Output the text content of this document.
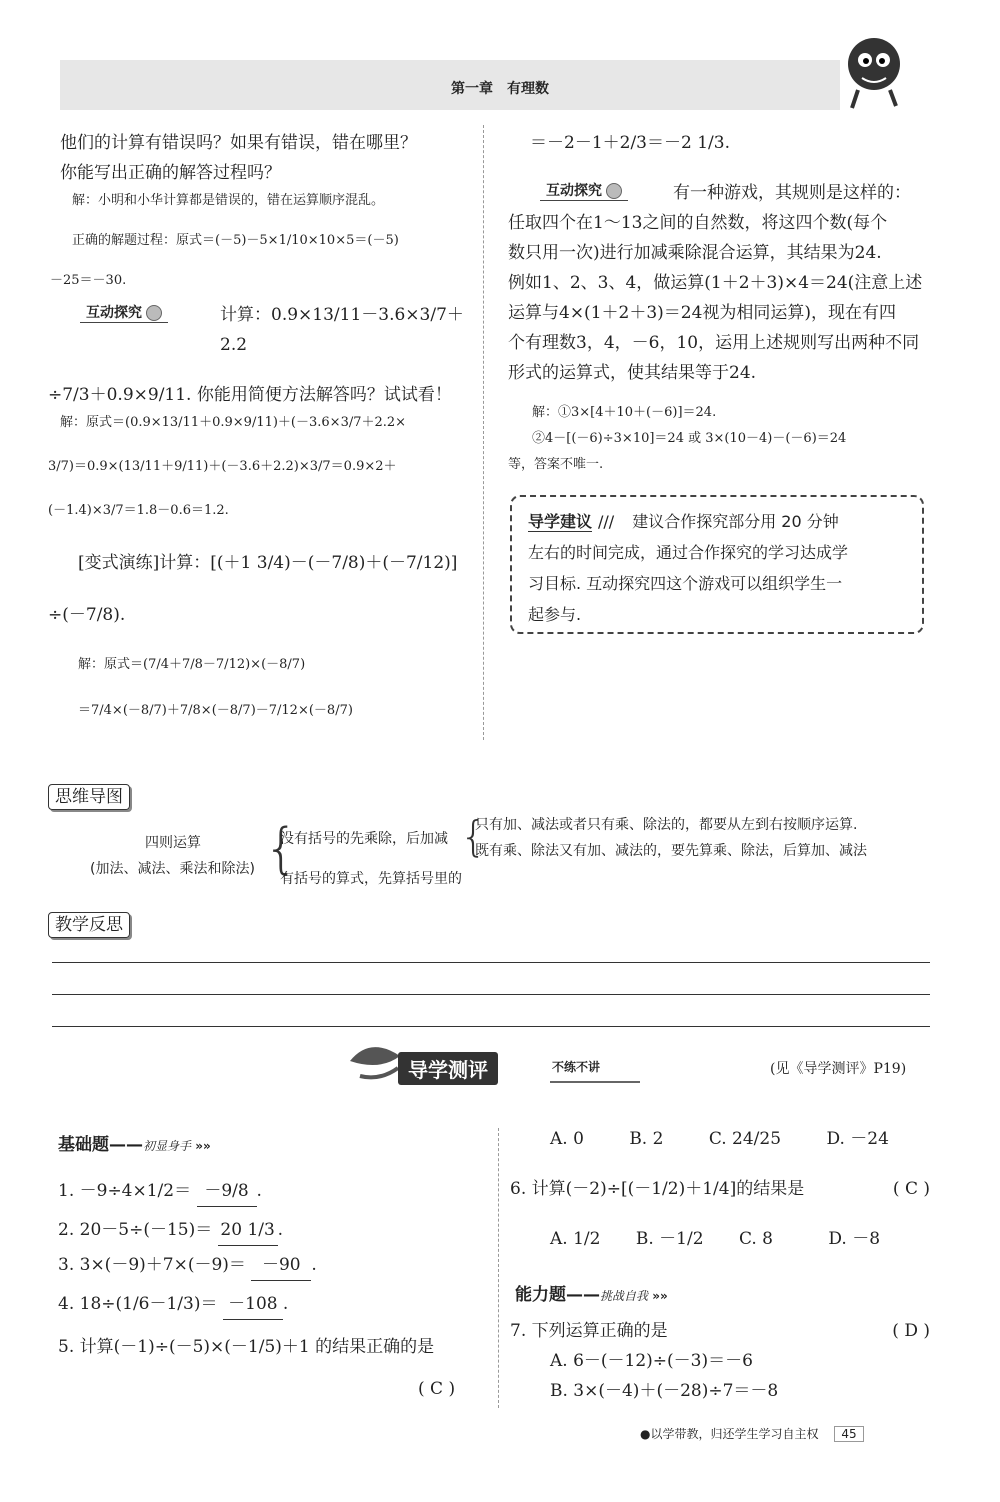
第一章　有理数
他们的计算有错误吗？如果有错误，错在哪里？
你能写出正确的解答过程吗？
解：小明和小华计算都是错误的，错在运算顺序混乱。
正确的解题过程：原式＝(－5)－5×1/10×10×5＝(－5)
－25＝－30.
互动探究	计算：0.9×13/11－3.6×3/7＋2.2
÷7/3＋0.9×9/11. 你能用简便方法解答吗？试试看！
解：原式＝(0.9×13/11＋0.9×9/11)＋(－3.6×3/7＋2.2×
3/7)＝0.9×(13/11＋9/11)＋(－3.6＋2.2)×3/7＝0.9×2＋
(－1.4)×3/7＝1.8－0.6＝1.2.
[变式演练]计算：[(＋1 3/4)－(－7/8)＋(－7/12)]
÷(－7/8).
解：原式＝(7/4＋7/8－7/12)×(－8/7)
＝7/4×(－8/7)＋7/8×(－8/7)－7/12×(－8/7)
＝－2－1＋2/3＝－2 1/3.
互动探究	有一种游戏，其规则是这样的：
任取四个在1～13之间的自然数，将这四个数(每个
数只用一次)进行加减乘除混合运算，其结果为24.
例如1、2、3、4，做运算(1＋2＋3)×4＝24(注意上述
运算与4×(1＋2＋3)＝24视为相同运算)，现在有四
个有理数3，4，－6，10，运用上述规则写出两种不同
形式的运算式，使其结果等于24.
解：①3×[4＋10＋(－6)]＝24.
②4－[(－6)÷3×10]＝24 或 3×(10－4)－(－6)＝24
等，答案不唯一.
导学建议 /// 建议合作探究部分用 20 分钟
左右的时间完成，通过合作探究的学习达成学
习目标. 互动探究四这个游戏可以组织学生一
起参与.
思维导图
四则运算
(加法、减法、乘法和除法) {
没有括号的先乘除，后加减 {
只有加、减法或者只有乘、除法的，都要从左到右按顺序运算.
既有乘、除法又有加、减法的，要先算乘、除法，后算加、减法
有括号的算式，先算括号里的
教学反思
导学测评	不练不讲	(见《导学测评》P19)
基础题——初显身手 »»
1. －9÷4×1/2＝ －9/8 .
2. 20－5÷(－15)＝ 20 1/3 .
3. 3×(－9)＋7×(－9)＝ －90 .
4. 18÷(1/6－1/3)＝ －108 .
5. 计算(－1)÷(－5)×(－1/5)＋1 的结果正确的是
( C )
A. 0	B. 2	C. 24/25	D. －24
6. 计算(－2)÷[(－1/2)＋1/4]的结果是	( C )
A. 1/2 B. －1/2 C. 8	D. －8
能力题——挑战自我 »»
7. 下列运算正确的是	( D )
A. 6－(－12)÷(－3)＝－6
B. 3×(－4)＋(－28)÷7＝－8
●以学带教，归还学生学习自主权 45
